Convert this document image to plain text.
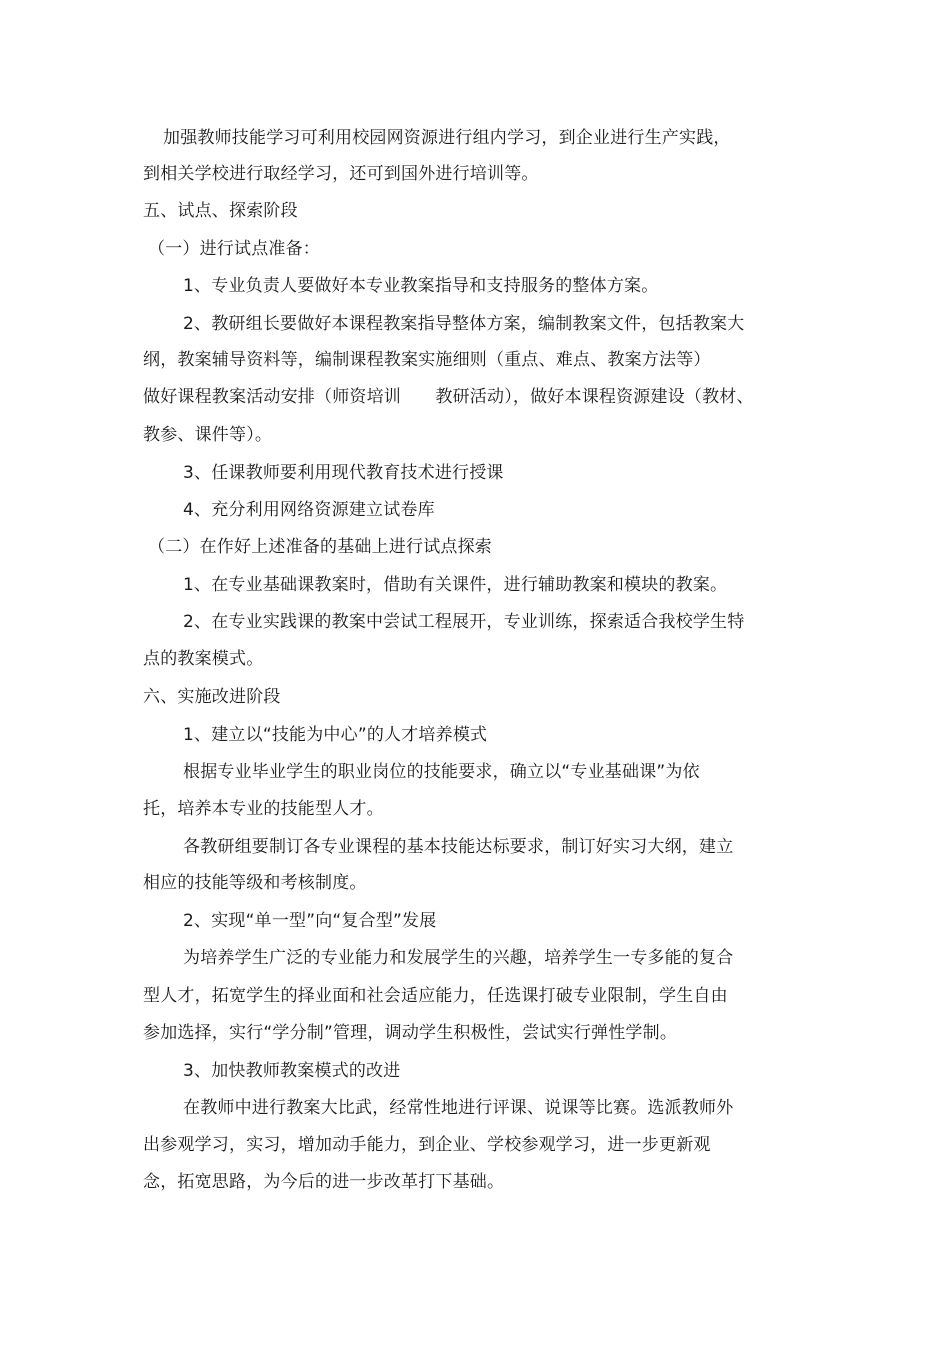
加强教师技能学习可利用校园网资源进行组内学习，到企业进行生产实践，

到相关学校进行取经学习，还可到国外进行培训等。

五、试点、探索阶段

（一）进行试点准备：

1、专业负责人要做好本专业教案指导和支持服务的整体方案。

2、教研组长要做好本课程教案指导整体方案，编制教案文件，包括教案大

纲，教案辅导资料等，编制课程教案实施细则（重点、难点、教案方法等）

做好课程教案活动安排（师资培训　　教研活动），做好本课程资源建设（教材、

教参、课件等）。

3、任课教师要利用现代教育技术进行授课

4、充分利用网络资源建立试卷库

（二）在作好上述准备的基础上进行试点探索

1、在专业基础课教案时，借助有关课件，进行辅助教案和模块的教案。

2、在专业实践课的教案中尝试工程展开，专业训练，探索适合我校学生特

点的教案模式。

六、实施改进阶段

1、建立以“技能为中心”的人才培养模式

根据专业毕业学生的职业岗位的技能要求，确立以“专业基础课”为依

托，培养本专业的技能型人才。

各教研组要制订各专业课程的基本技能达标要求，制订好实习大纲，建立

相应的技能等级和考核制度。

2、实现“单一型”向“复合型”发展

为培养学生广泛的专业能力和发展学生的兴趣，培养学生一专多能的复合

型人才，拓宽学生的择业面和社会适应能力，任选课打破专业限制，学生自由

参加选择，实行“学分制”管理，调动学生积极性，尝试实行弹性学制。

3、加快教师教案模式的改进

在教师中进行教案大比武，经常性地进行评课、说课等比赛。选派教师外

出参观学习，实习，增加动手能力，到企业、学校参观学习，进一步更新观

念，拓宽思路，为今后的进一步改革打下基础。
